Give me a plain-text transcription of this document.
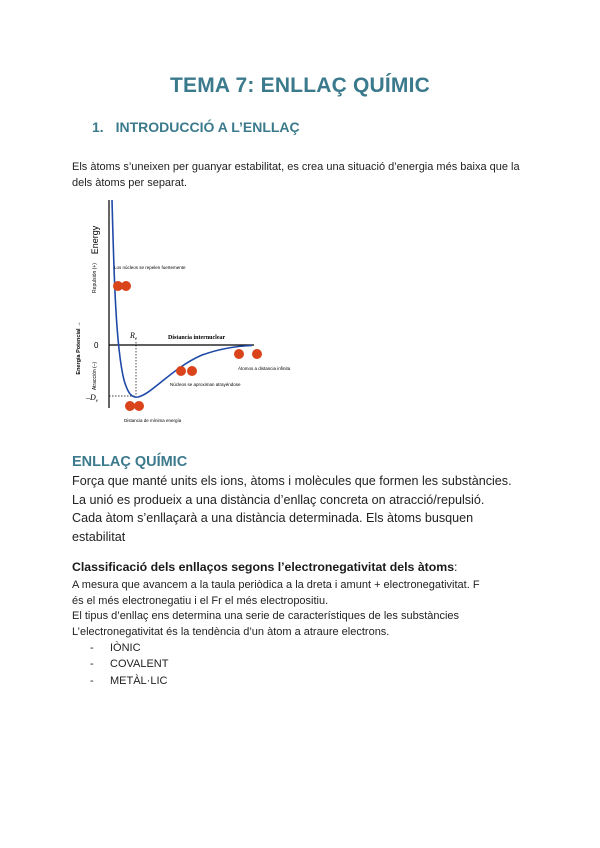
TEMA 7: ENLLAÇ QUÍMIC
1. INTRODUCCIÓ A L’ENLLAÇ
Els àtoms s’uneixen per guanyar estabilitat, es crea una situació d’energia més baixa que la dels àtoms per separat.
Energy
Energia Potencial →
Repulsión (+)
Atracción (–)
0
$R_e$
$-D_e$
Distancia internuclear
Los núcleos se repelen fuertemente
Distancia de mínima energía
Núcleos se aproximan atrayéndose
Átomos a distancia infinita
ENLLAÇ QUÍMIC
Força que manté units els ions, àtoms i molècules que formen les substàncies.
La unió es produeix a una distància d’enllaç concreta on atracció/repulsió.
Cada àtom s’enllaçarà a una distància determinada. Els àtoms busquen
estabilitat
Classificació dels enllaços segons l’electronegativitat dels àtoms:
A mesura que avancem a la taula periòdica a la dreta i amunt + electronegativitat. F
és el més electronegatiu i el Fr el més electropositiu.
El tipus d’enllaç ens determina una serie de característiques de les substàncies
L’electronegativitat és la tendència d’un àtom a atraure electrons.
-	IÒNIC
-	COVALENT
-	METÀL·LIC
